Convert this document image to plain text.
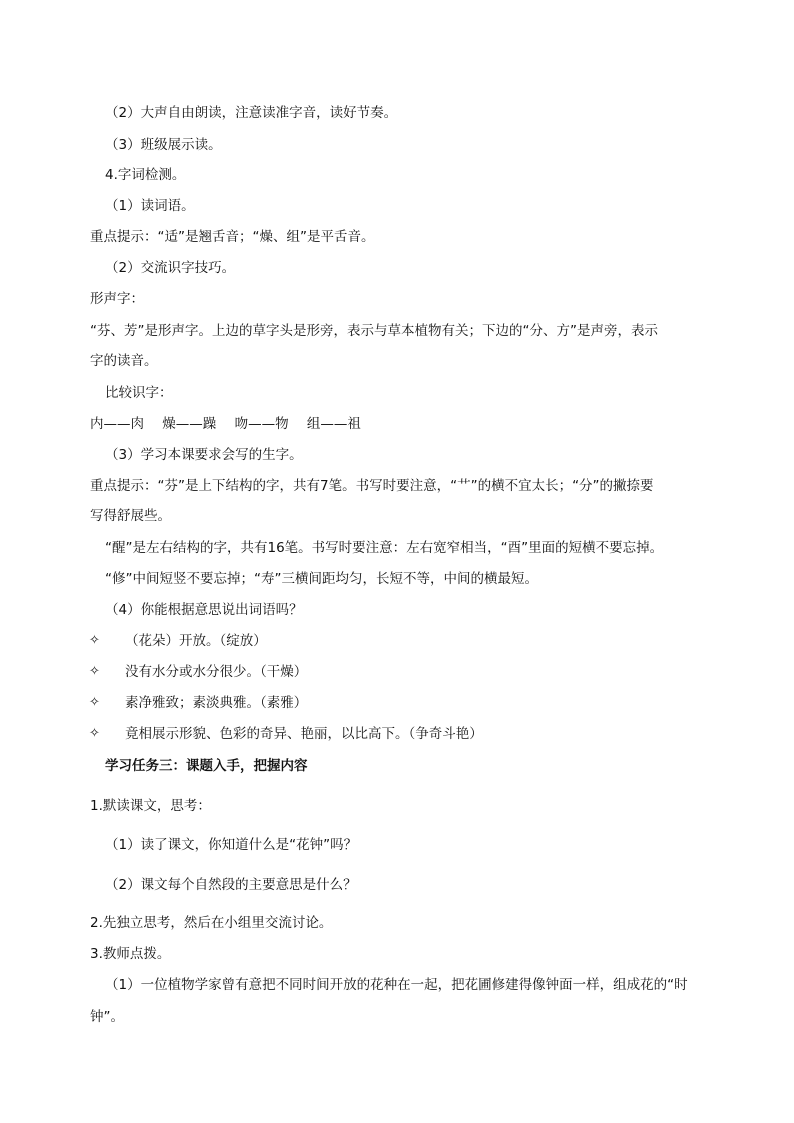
（2）大声自由朗读，注意读准字音，读好节奏。
（3）班级展示读。
4.字词检测。
（1）读词语。
重点提示：“适”是翘舌音；“燥、组”是平舌音。
（2）交流识字技巧。
形声字：
“芬、芳”是形声字。上边的草字头是形旁，表示与草本植物有关；下边的“分、方”是声旁，表示
字的读音。
比较识字：
内——肉 燥——躁 吻——物 组——祖
（3）学习本课要求会写的生字。
重点提示：“芬”是上下结构的字，共有7笔。书写时要注意，“艹”的横不宜太长；“分”的撇捺要
写得舒展些。
“醒”是左右结构的字，共有16笔。书写时要注意：左右宽窄相当，“酉”里面的短横不要忘掉。
“修”中间短竖不要忘掉；“寿”三横间距均匀，长短不等，中间的横最短。
（4）你能根据意思说出词语吗？
✧ （花朵）开放。（绽放）
✧ 没有水分或水分很少。（干燥）
✧ 素净雅致；素淡典雅。（素雅）
✧ 竟相展示形貌、色彩的奇异、艳丽，以比高下。（争奇斗艳）
学习任务三：课题入手，把握内容
1.默读课文，思考：
（1）读了课文，你知道什么是“花钟”吗？
（2）课文每个自然段的主要意思是什么？
2.先独立思考，然后在小组里交流讨论。
3.教师点拨。
（1）一位植物学家曾有意把不同时间开放的花种在一起，把花圃修建得像钟面一样，组成花的“时
钟”。
